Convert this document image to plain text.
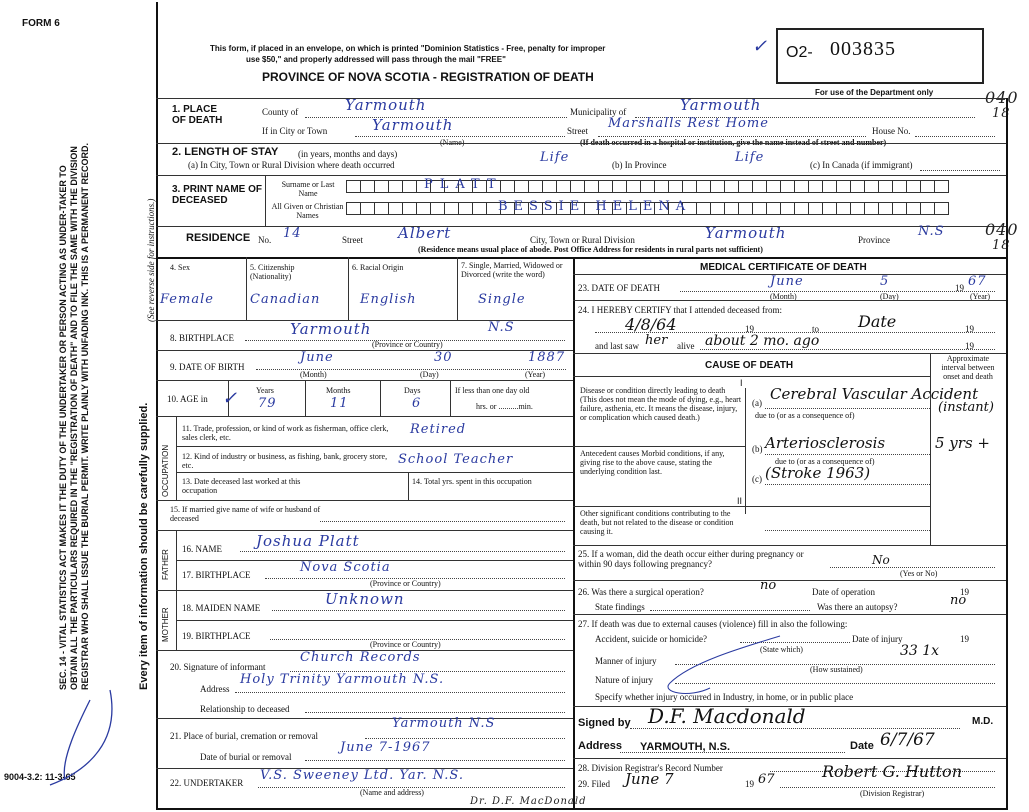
FORM 6
9004-3.2: 11-3-65
SEC. 14 - VITAL STATISTICS ACT MAKES IT THE DUTY OF THE UNDERTAKER OR PERSON ACTING AS UNDER-TAKER TO OBTAIN ALL THE PARTICULARS REQUIRED IN THE "REGISTRATION OF DEATH" AND TO FILE THE SAME WITH THE DIVISION REGISTRAR WHO SHALL ISSUE THE BURIAL PERMIT. WRITE PLAINLY WITH UNFADING INK. THIS IS A PERMANENT RECORD.	Every item of information should be carefully supplied.
(See reverse side for instructions.)
This form, if placed in an envelope, on which is printed "Dominion Statistics - Free, penalty for improper
use $50," and properly addressed will pass through the mail "FREE"
PROVINCE OF NOVA SCOTIA - REGISTRATION OF DEATH
O2- 003835
✓
For use of the Department only	040
18
1. PLACE OF DEATH
County of	Yarmouth	Municipality of	Yarmouth
If in City or Town	Yarmouth
(Name)
Street Marshalls Rest Home	House No.
(If death occurred in a hospital or institution, give the name instead of street and number)
2. LENGTH OF STAY (in years, months and days)
(a) In City, Town or Rural Division where death occurred	Life	(b) In Province	Life	(c) In Canada (if immigrant)
3. PRINT NAME OF DECEASED
Surname or Last Name
All Given or Christian Names
PLATT
BESSIE HELENA
RESIDENCE No. 14	Street Albert	City, Town or Rural Division	Yarmouth	Province
N.S	040
18
(Residence means usual place of abode. Post Office Address for residents in rural parts not sufficient)
4. Sex	5. Citizenship (Nationality)
6. Racial Origin	7. Single, Married, Widowed or Divorced (write the word)
Female	Canadian	English	Single
8. BIRTHPLACE	Yarmouth	N.S
(Province or Country)
9. DATE OF BIRTH
June	30	1887
(Month)	(Day)	(Year)
10. AGE in
Years	Months	Days	If less than one day old
hrs. or ..........min.
79	11	6
✓
OCCUPATION
11. Trade, profession, or kind of work as fisherman, office clerk, sales clerk, etc.
Retired
12. Kind of industry or business, as fishing, bank, grocery store, etc.	School Teacher
13. Date deceased last worked at this occupation
14. Total yrs. spent in this occupation
15. If married give name of wife or husband of deceased
FATHER
16. NAME Joshua Platt
17. BIRTHPLACE	Nova Scotia
(Province or Country)
MOTHER 18. MAIDEN NAME	Unknown
19. BIRTHPLACE
(Province or Country)
20. Signature of informant
Church Records
Address
Holy Trinity Yarmouth N.S.
Relationship to deceased
21. Place of burial, cremation or removal
Yarmouth N.S
Date of burial or removal
June 7-1967
22. UNDERTAKER V.S. Sweeney Ltd. Yar. N.S.
(Name and address)
Dr. D.F. MacDonald
MEDICAL CERTIFICATE OF DEATH
23. DATE OF DEATH	June	5	19 67
(Month)	(Day)	(Year)
24. I HEREBY CERTIFY that I attended deceased from:
4/8/64	19	to Date	19
and last saw her alive about 2 mo. ago	19
CAUSE OF DEATH
Approximate interval between onset and death
I
Disease or condition directly leading to death (This does not mean the mode of dying, e.g., heart failure, asthenia, etc. It means the disease, injury, or complication which caused death.)
(a) Cerebral Vascular Accident
(instant)
due to (or as a consequence of)
Antecedent causes Morbid conditions, if any, giving rise to the above cause, stating the underlying condition last.
(b) Arteriosclerosis	5 yrs +
due to (or as a consequence of)
(c) (Stroke 1963)
II
Other significant conditions contributing to the death, but not related to the disease or condition causing it.
25. If a woman, did the death occur either during pregnancy or within 90 days following pregnancy?	No
(Yes or No)
26. Was there a surgical operation?	no	Date of operation	19
State findings	Was there an autopsy?	no
27. If death was due to external causes (violence) fill in also the following:
Accident, suicide or homicide?	Date of injury	19
(State which)	33 1x
Manner of injury
(How sustained)
Nature of injury
Specify whether injury occurred in Industry, in home, or in public place
Signed by D.F. Macdonald	M.D.
Address YARMOUTH, N.S.	Date 6/7/67
28. Division Registrar's Record Number
29. Filed June 7	19 67	Robert G. Hutton
(Division Registrar)
